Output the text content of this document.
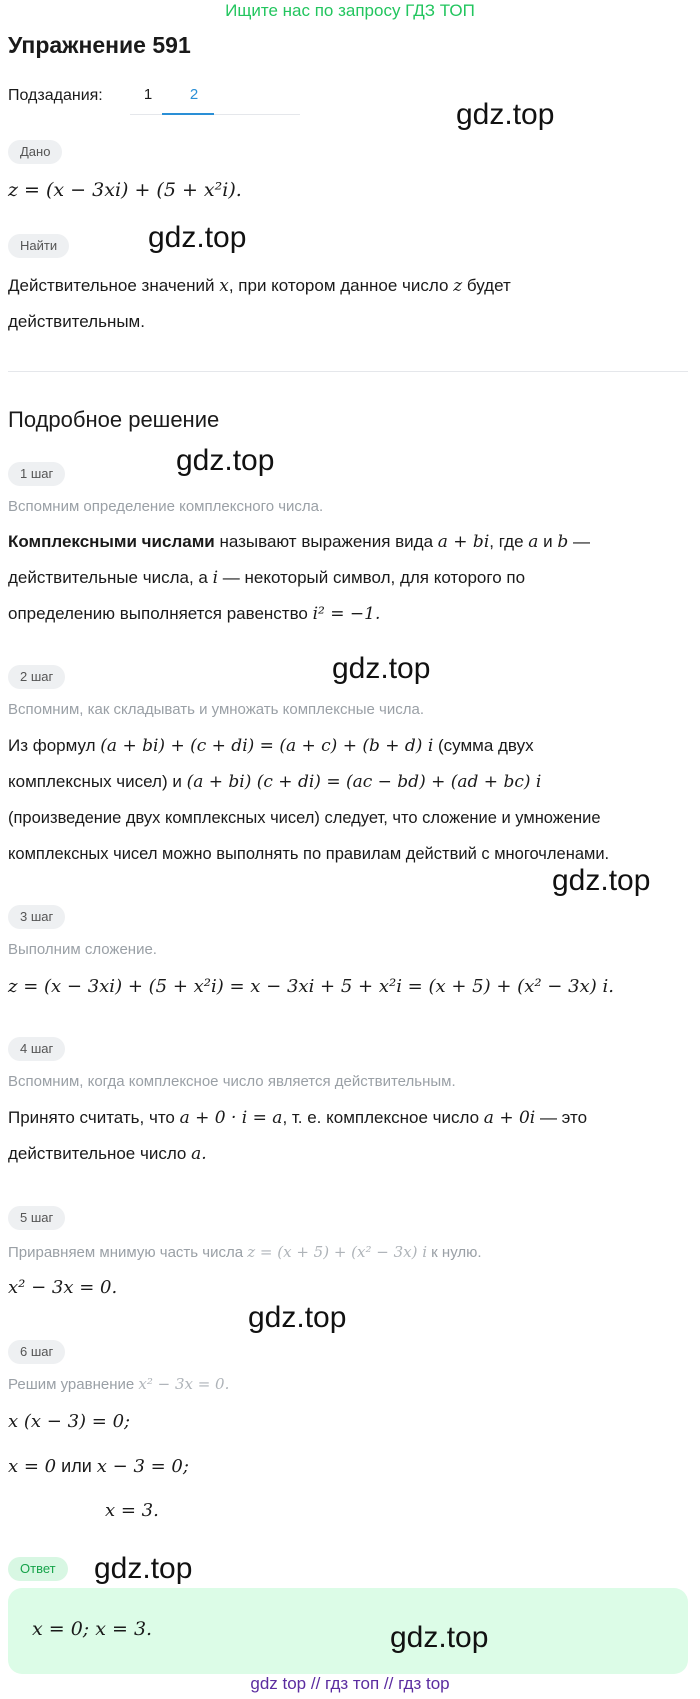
Ищите нас по запросу ГДЗ ТОП
Упражнение 591
Подзадания:	1	2
gdz.top
Дано
z = (x − 3xi) + (5 + x²i).
Найти	gdz.top
Действительное значений x, при котором данное число z будет
действительным.
Подробное решение
gdz.top
1 шаг
Вспомним определение комплексного числа.
Комплексными числами называют выражения вида a + bi, где a и b —
действительные числа, а i — некоторый символ, для которого по
определению выполняется равенство i² = −1.
gdz.top
2 шаг
Вспомним, как складывать и умножать комплексные числа.
Из формул (a + bi) + (c + di) = (a + c) + (b + d) i (сумма двух
комплексных чисел) и (a + bi) (c + di) = (ac − bd) + (ad + bc) i
(произведение двух комплексных чисел) следует, что сложение и умножение
комплексных чисел можно выполнять по правилам действий с многочленами.
gdz.top
3 шаг
Выполним сложение.
z = (x − 3xi) + (5 + x²i) = x − 3xi + 5 + x²i = (x + 5) + (x² − 3x) i.
4 шаг
Вспомним, когда комплексное число является действительным.
Принято считать, что a + 0 · i = a, т. е. комплексное число a + 0i — это
действительное число a.
5 шаг
Приравняем мнимую часть числа z = (x + 5) + (x² − 3x) i к нулю.
x² − 3x = 0.
gdz.top
6 шаг
Решим уравнение x² − 3x = 0.
x (x − 3) = 0;
x = 0 или x − 3 = 0;
x = 3.
Ответ	gdz.top
x = 0; x = 3.	gdz.top
gdz top // гдз топ // гдз top
